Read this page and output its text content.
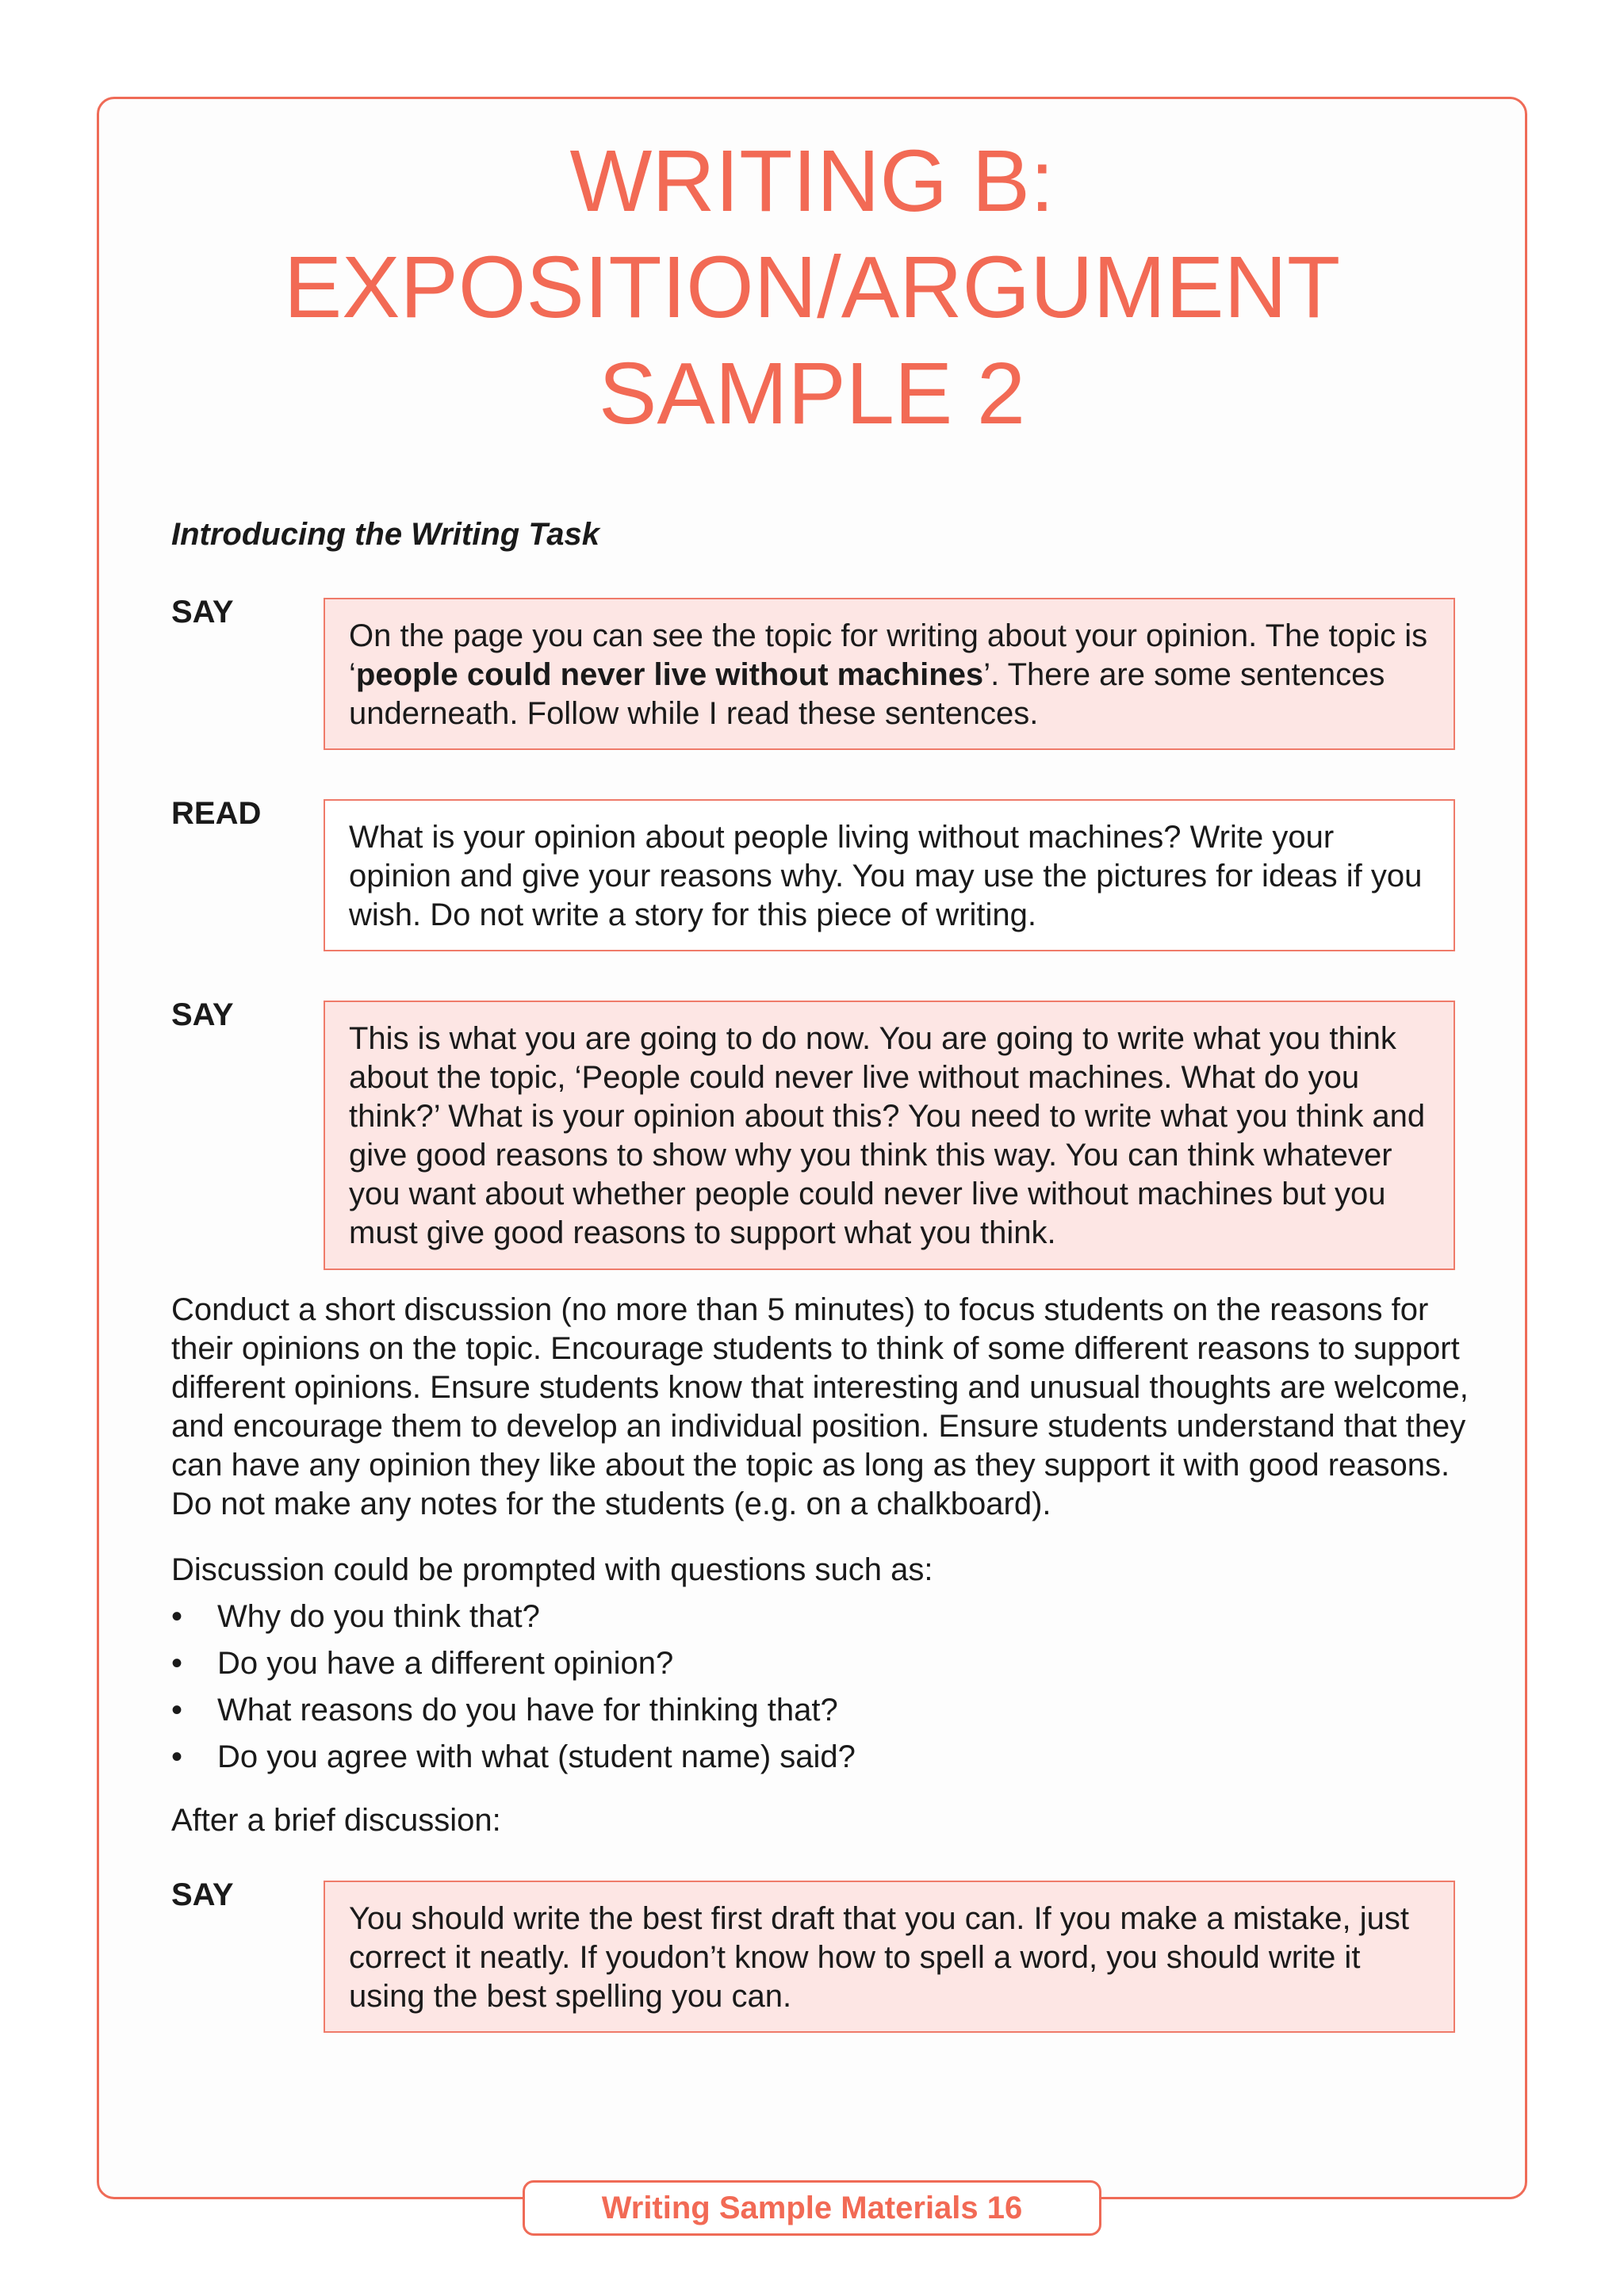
WRITING B:
EXPOSITION/ARGUMENT
SAMPLE 2

Introducing the Writing Task

SAY
On the page you can see the topic for writing about your opinion. The topic is ‘people could never live without machines’. There are some sentences underneath. Follow while I read these sentences.
READ
What is your opinion about people living without machines? Write your opinion and give your reasons why. You may use the pictures for ideas if you wish. Do not write a story for this piece of writing.
SAY
This is what you are going to do now. You are going to write what you think about the topic, ‘People could never live without machines. What do you think?’ What is your opinion about this? You need to write what you think and give good reasons to show why you think this way. You can think whatever you want about whether people could never live without machines but you must give good reasons to support what you think.

Conduct a short discussion (no more than 5 minutes) to focus students on the reasons for their opinions on the topic. Encourage students to think of some different reasons to support different opinions. Ensure students know that interesting and unusual thoughts are welcome, and encourage them to develop an individual position. Ensure students understand that they can have any opinion they like about the topic as long as they support it with good reasons. Do not make any notes for the students (e.g. on a chalkboard).

Discussion could be prompted with questions such as:

• Why do you think that?
• Do you have a different opinion?
• What reasons do you have for thinking that?
• Do you agree with what (student name) said?

After a brief discussion:

SAY
You should write the best first draft that you can. If you make a mistake, just correct it neatly. If youdon’t know how to spell a word, you should write it using the best spelling you can.
Writing Sample Materials 16
